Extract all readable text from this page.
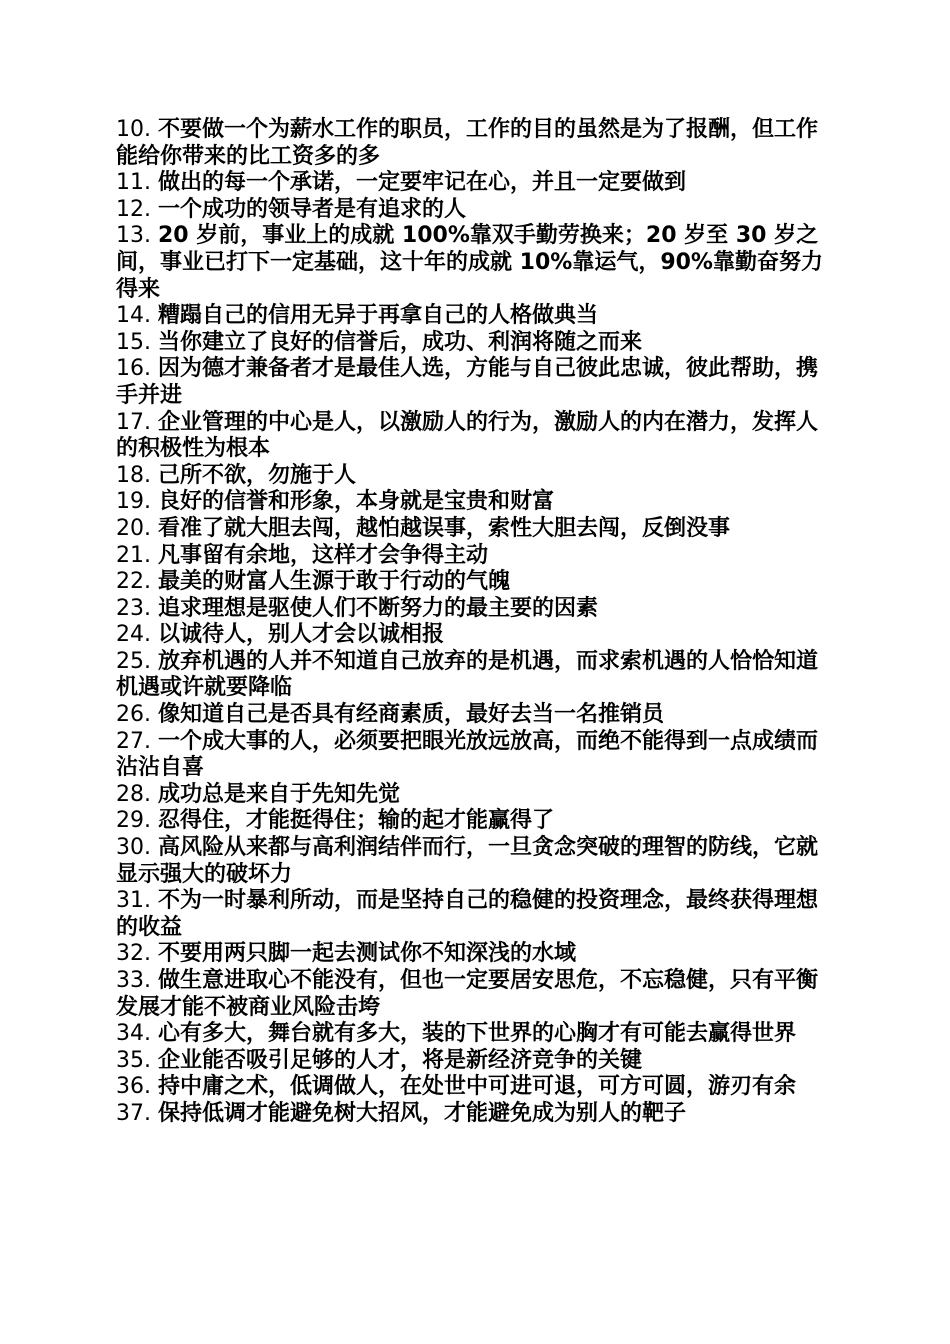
10. 不要做一个为薪水工作的职员，工作的目的虽然是为了报酬，但工作能给你带来的比工资多的多

11. 做出的每一个承诺，一定要牢记在心，并且一定要做到

12. 一个成功的领导者是有追求的人

13. 20 岁前，事业上的成就 100%靠双手勤劳换来；20 岁至 30 岁之间，事业已打下一定基础，这十年的成就 10%靠运气，90%靠勤奋努力得来

14. 糟蹋自己的信用无异于再拿自己的人格做典当

15. 当你建立了良好的信誉后，成功、利润将随之而来

16. 因为德才兼备者才是最佳人选，方能与自己彼此忠诚，彼此帮助，携手并进

17. 企业管理的中心是人，以激励人的行为，激励人的内在潜力，发挥人的积极性为根本

18. 己所不欲，勿施于人

19. 良好的信誉和形象，本身就是宝贵和财富

20. 看准了就大胆去闯，越怕越误事，索性大胆去闯，反倒没事

21. 凡事留有余地，这样才会争得主动

22. 最美的财富人生源于敢于行动的气魄

23. 追求理想是驱使人们不断努力的最主要的因素

24. 以诚待人，别人才会以诚相报

25. 放弃机遇的人并不知道自己放弃的是机遇，而求索机遇的人恰恰知道机遇或许就要降临

26. 像知道自己是否具有经商素质，最好去当一名推销员

27. 一个成大事的人，必须要把眼光放远放高，而绝不能得到一点成绩而沾沾自喜

28. 成功总是来自于先知先觉

29. 忍得住，才能挺得住；输的起才能赢得了

30. 高风险从来都与高利润结伴而行，一旦贪念突破的理智的防线，它就显示强大的破坏力

31. 不为一时暴利所动，而是坚持自己的稳健的投资理念，最终获得理想的收益

32. 不要用两只脚一起去测试你不知深浅的水域

33. 做生意进取心不能没有，但也一定要居安思危，不忘稳健，只有平衡发展才能不被商业风险击垮

34. 心有多大，舞台就有多大，装的下世界的心胸才有可能去赢得世界

35. 企业能否吸引足够的人才，将是新经济竞争的关键

36. 持中庸之术，低调做人，在处世中可进可退，可方可圆，游刃有余

37. 保持低调才能避免树大招风，才能避免成为别人的靶子
